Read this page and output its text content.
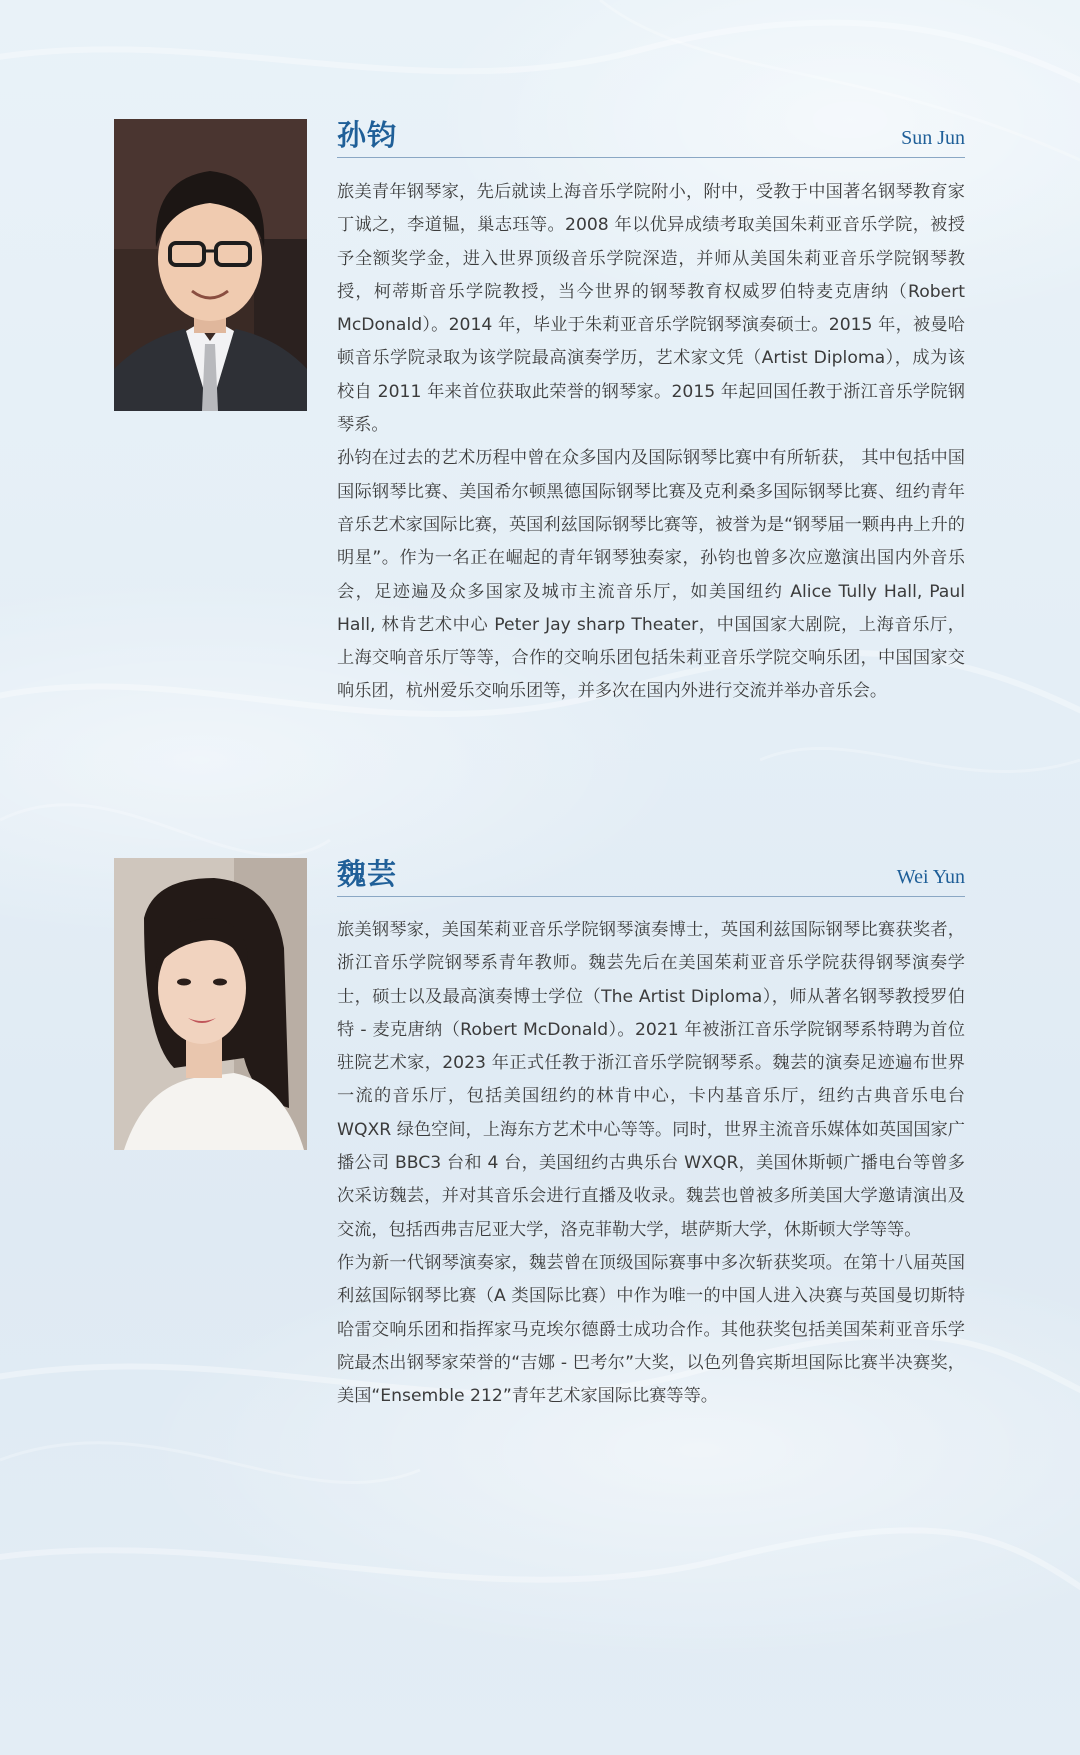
孙钧	Sun Jun

旅美青年钢琴家，先后就读上海音乐学院附小，附中，受教于中国著名钢琴教育家丁诚之，李道韫，巢志珏等。2008 年以优异成绩考取美国朱莉亚音乐学院，被授予全额奖学金，进入世界顶级音乐学院深造，并师从美国朱莉亚音乐学院钢琴教授，柯蒂斯音乐学院教授，当今世界的钢琴教育权威罗伯特麦克唐纳（Robert McDonald）。2014 年，毕业于朱莉亚音乐学院钢琴演奏硕士。2015 年，被曼哈顿音乐学院录取为该学院最高演奏学历，艺术家文凭（Artist Diploma），成为该校自 2011 年来首位获取此荣誉的钢琴家。2015 年起回国任教于浙江音乐学院钢琴系。

孙钧在过去的艺术历程中曾在众多国内及国际钢琴比赛中有所斩获， 其中包括中国国际钢琴比赛、美国希尔顿黑德国际钢琴比赛及克利桑多国际钢琴比赛、纽约青年音乐艺术家国际比赛，英国利兹国际钢琴比赛等，被誉为是“钢琴届一颗冉冉上升的明星”。作为一名正在崛起的青年钢琴独奏家，孙钧也曾多次应邀演出国内外音乐会，足迹遍及众多国家及城市主流音乐厅，如美国纽约 Alice Tully Hall, Paul Hall, 林肯艺术中心 Peter Jay sharp Theater，中国国家大剧院，上海音乐厅，上海交响音乐厅等等，合作的交响乐团包括朱莉亚音乐学院交响乐团，中国国家交响乐团，杭州爱乐交响乐团等，并多次在国内外进行交流并举办音乐会。

魏芸	Wei Yun

旅美钢琴家，美国茱莉亚音乐学院钢琴演奏博士，英国利兹国际钢琴比赛获奖者，浙江音乐学院钢琴系青年教师。魏芸先后在美国茱莉亚音乐学院获得钢琴演奏学士，硕士以及最高演奏博士学位（The Artist Diploma），师从著名钢琴教授罗伯特 - 麦克唐纳（Robert McDonald）。2021 年被浙江音乐学院钢琴系特聘为首位驻院艺术家，2023 年正式任教于浙江音乐学院钢琴系。魏芸的演奏足迹遍布世界一流的音乐厅，包括美国纽约的林肯中心，卡内基音乐厅，纽约古典音乐电台 WQXR 绿色空间，上海东方艺术中心等等。同时，世界主流音乐媒体如英国国家广播公司 BBC3 台和 4 台，美国纽约古典乐台 WXQR，美国休斯顿广播电台等曾多次采访魏芸，并对其音乐会进行直播及收录。魏芸也曾被多所美国大学邀请演出及交流，包括西弗吉尼亚大学，洛克菲勒大学，堪萨斯大学，休斯顿大学等等。

作为新一代钢琴演奏家，魏芸曾在顶级国际赛事中多次斩获奖项。在第十八届英国利兹国际钢琴比赛（A 类国际比赛）中作为唯一的中国人进入决赛与英国曼切斯特哈雷交响乐团和指挥家马克埃尔德爵士成功合作。其他获奖包括美国茱莉亚音乐学院最杰出钢琴家荣誉的“吉娜 - 巴考尔”大奖，以色列鲁宾斯坦国际比赛半决赛奖，美国“Ensemble 212”青年艺术家国际比赛等等。
